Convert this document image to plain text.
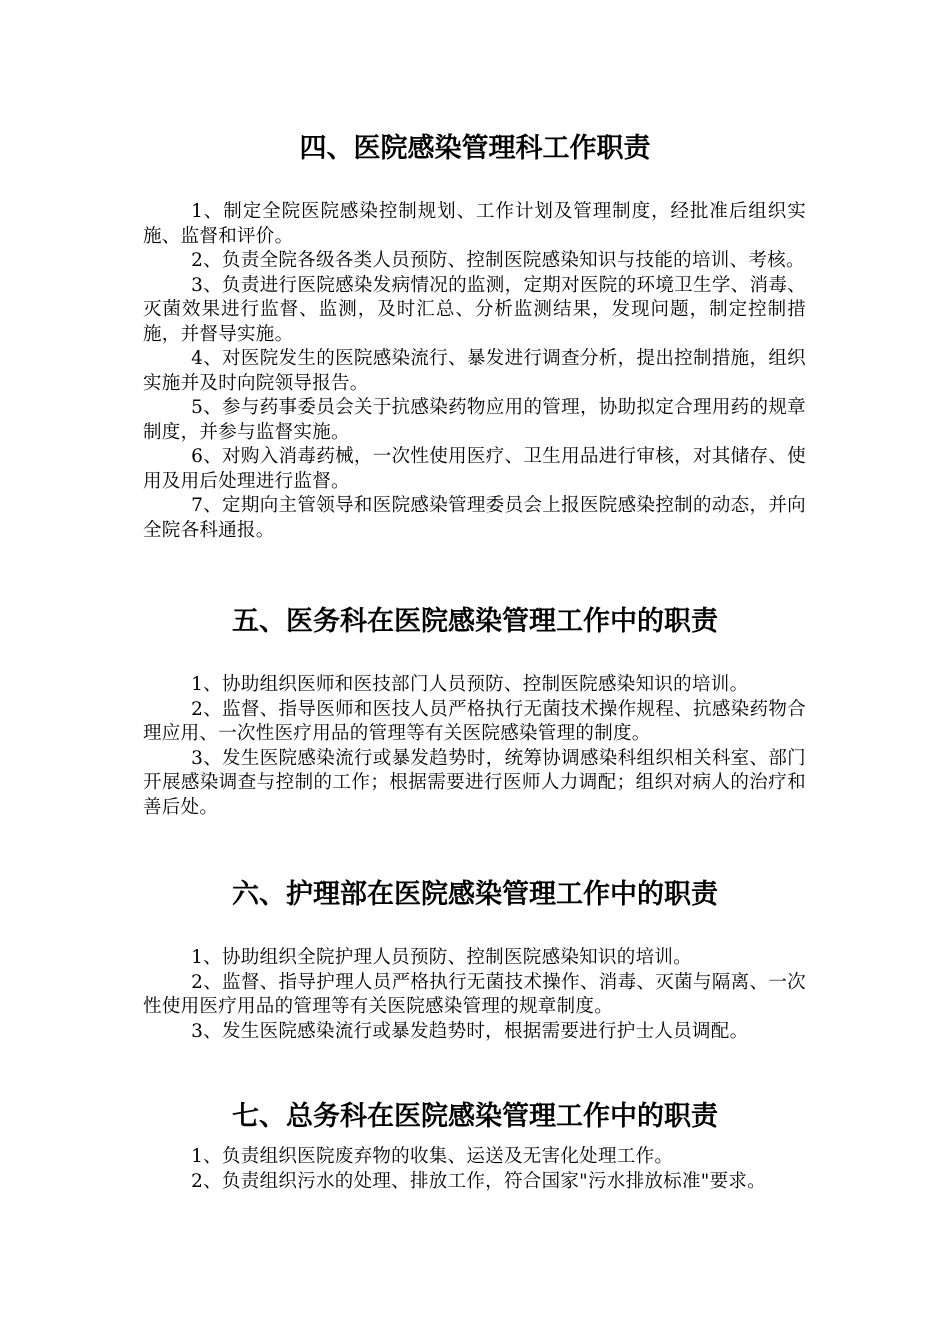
四、医院感染管理科工作职责

1、制定全院医院感染控制规划、工作计划及管理制度，经批准后组织实施、监督和评价。

2、负责全院各级各类人员预防、控制医院感染知识与技能的培训、考核。

3、负责进行医院感染发病情况的监测，定期对医院的环境卫生学、消毒、灭菌效果进行监督、监测，及时汇总、分析监测结果，发现问题，制定控制措施，并督导实施。

4、对医院发生的医院感染流行、暴发进行调查分析，提出控制措施，组织实施并及时向院领导报告。

5、参与药事委员会关于抗感染药物应用的管理，协助拟定合理用药的规章制度，并参与监督实施。

6、对购入消毒药械，一次性使用医疗、卫生用品进行审核，对其储存、使用及用后处理进行监督。

7、定期向主管领导和医院感染管理委员会上报医院感染控制的动态，并向全院各科通报。

五、医务科在医院感染管理工作中的职责

1、协助组织医师和医技部门人员预防、控制医院感染知识的培训。

2、监督、指导医师和医技人员严格执行无菌技术操作规程、抗感染药物合理应用、一次性医疗用品的管理等有关医院感染管理的制度。

3、发生医院感染流行或暴发趋势时，统筹协调感染科组织相关科室、部门开展感染调查与控制的工作；根据需要进行医师人力调配；组织对病人的治疗和善后处。

六、护理部在医院感染管理工作中的职责

1、协助组织全院护理人员预防、控制医院感染知识的培训。

2、监督、指导护理人员严格执行无菌技术操作、消毒、灭菌与隔离、一次性使用医疗用品的管理等有关医院感染管理的规章制度。

3、发生医院感染流行或暴发趋势时，根据需要进行护士人员调配。

七、总务科在医院感染管理工作中的职责

1、负责组织医院废弃物的收集、运送及无害化处理工作。

2、负责组织污水的处理、排放工作，符合国家"污水排放标准"要求。
